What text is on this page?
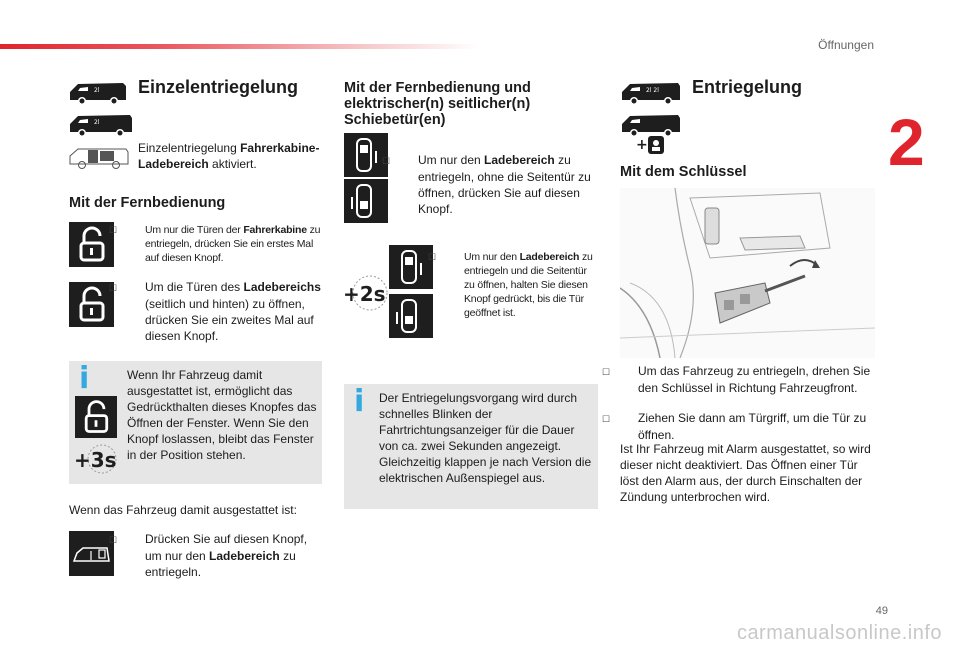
Öffnungen
2
2l Einzelentriegelung
2l
Einzelentriegelung Fahrerkabine-Ladebereich aktiviert.
Mit der Fernbedienung
☐	Um nur die Türen der Fahrerkabine zu entriegeln, drücken Sie ein erstes Mal auf diesen Knopf.
☐ Um die Türen des Ladebereichs (seitlich und hinten) zu öffnen, drücken Sie ein zweites Mal auf diesen Knopf.
i
+3s
Wenn Ihr Fahrzeug damit ausgestattet ist, ermöglicht das Gedrückthalten dieses Knopfes das Öffnen der Fenster. Wenn Sie den Knopf loslassen, bleibt das Fenster in der Position stehen.
Wenn das Fahrzeug damit ausgestattet ist:
☐ Drücken Sie auf diesen Knopf, um nur den Ladebereich zu entriegeln.
Mit der Fernbedienung und elektrischer(n) seitlicher(n) Schiebetür(en)
☐ Um nur den Ladebereich zu entriegeln, ohne die Seitentür zu öffnen, drücken Sie auf diesen Knopf.
+2s
☐	Um nur den Ladebereich zu entriegeln und die Seitentür zu öffnen, halten Sie diesen Knopf gedrückt, bis die Tür geöffnet ist.
i Der Entriegelungsvorgang wird durch schnelles Blinken der Fahrtrichtungsanzeiger für die Dauer von ca. zwei Sekunden angezeigt. Gleichzeitig klappen je nach Version die elektrischen Außenspiegel aus.
2l 2l Entriegelung
+
Mit dem Schlüssel
☐ Um das Fahrzeug zu entriegeln, drehen Sie den Schlüssel in Richtung Fahrzeugfront.
☐ Ziehen Sie dann am Türgriff, um die Tür zu öffnen.
Ist Ihr Fahrzeug mit Alarm ausgestattet, so wird dieser nicht deaktiviert. Das Öffnen einer Tür löst den Alarm aus, der durch Einschalten der Zündung unterbrochen wird.
49
carmanualsonline.info
